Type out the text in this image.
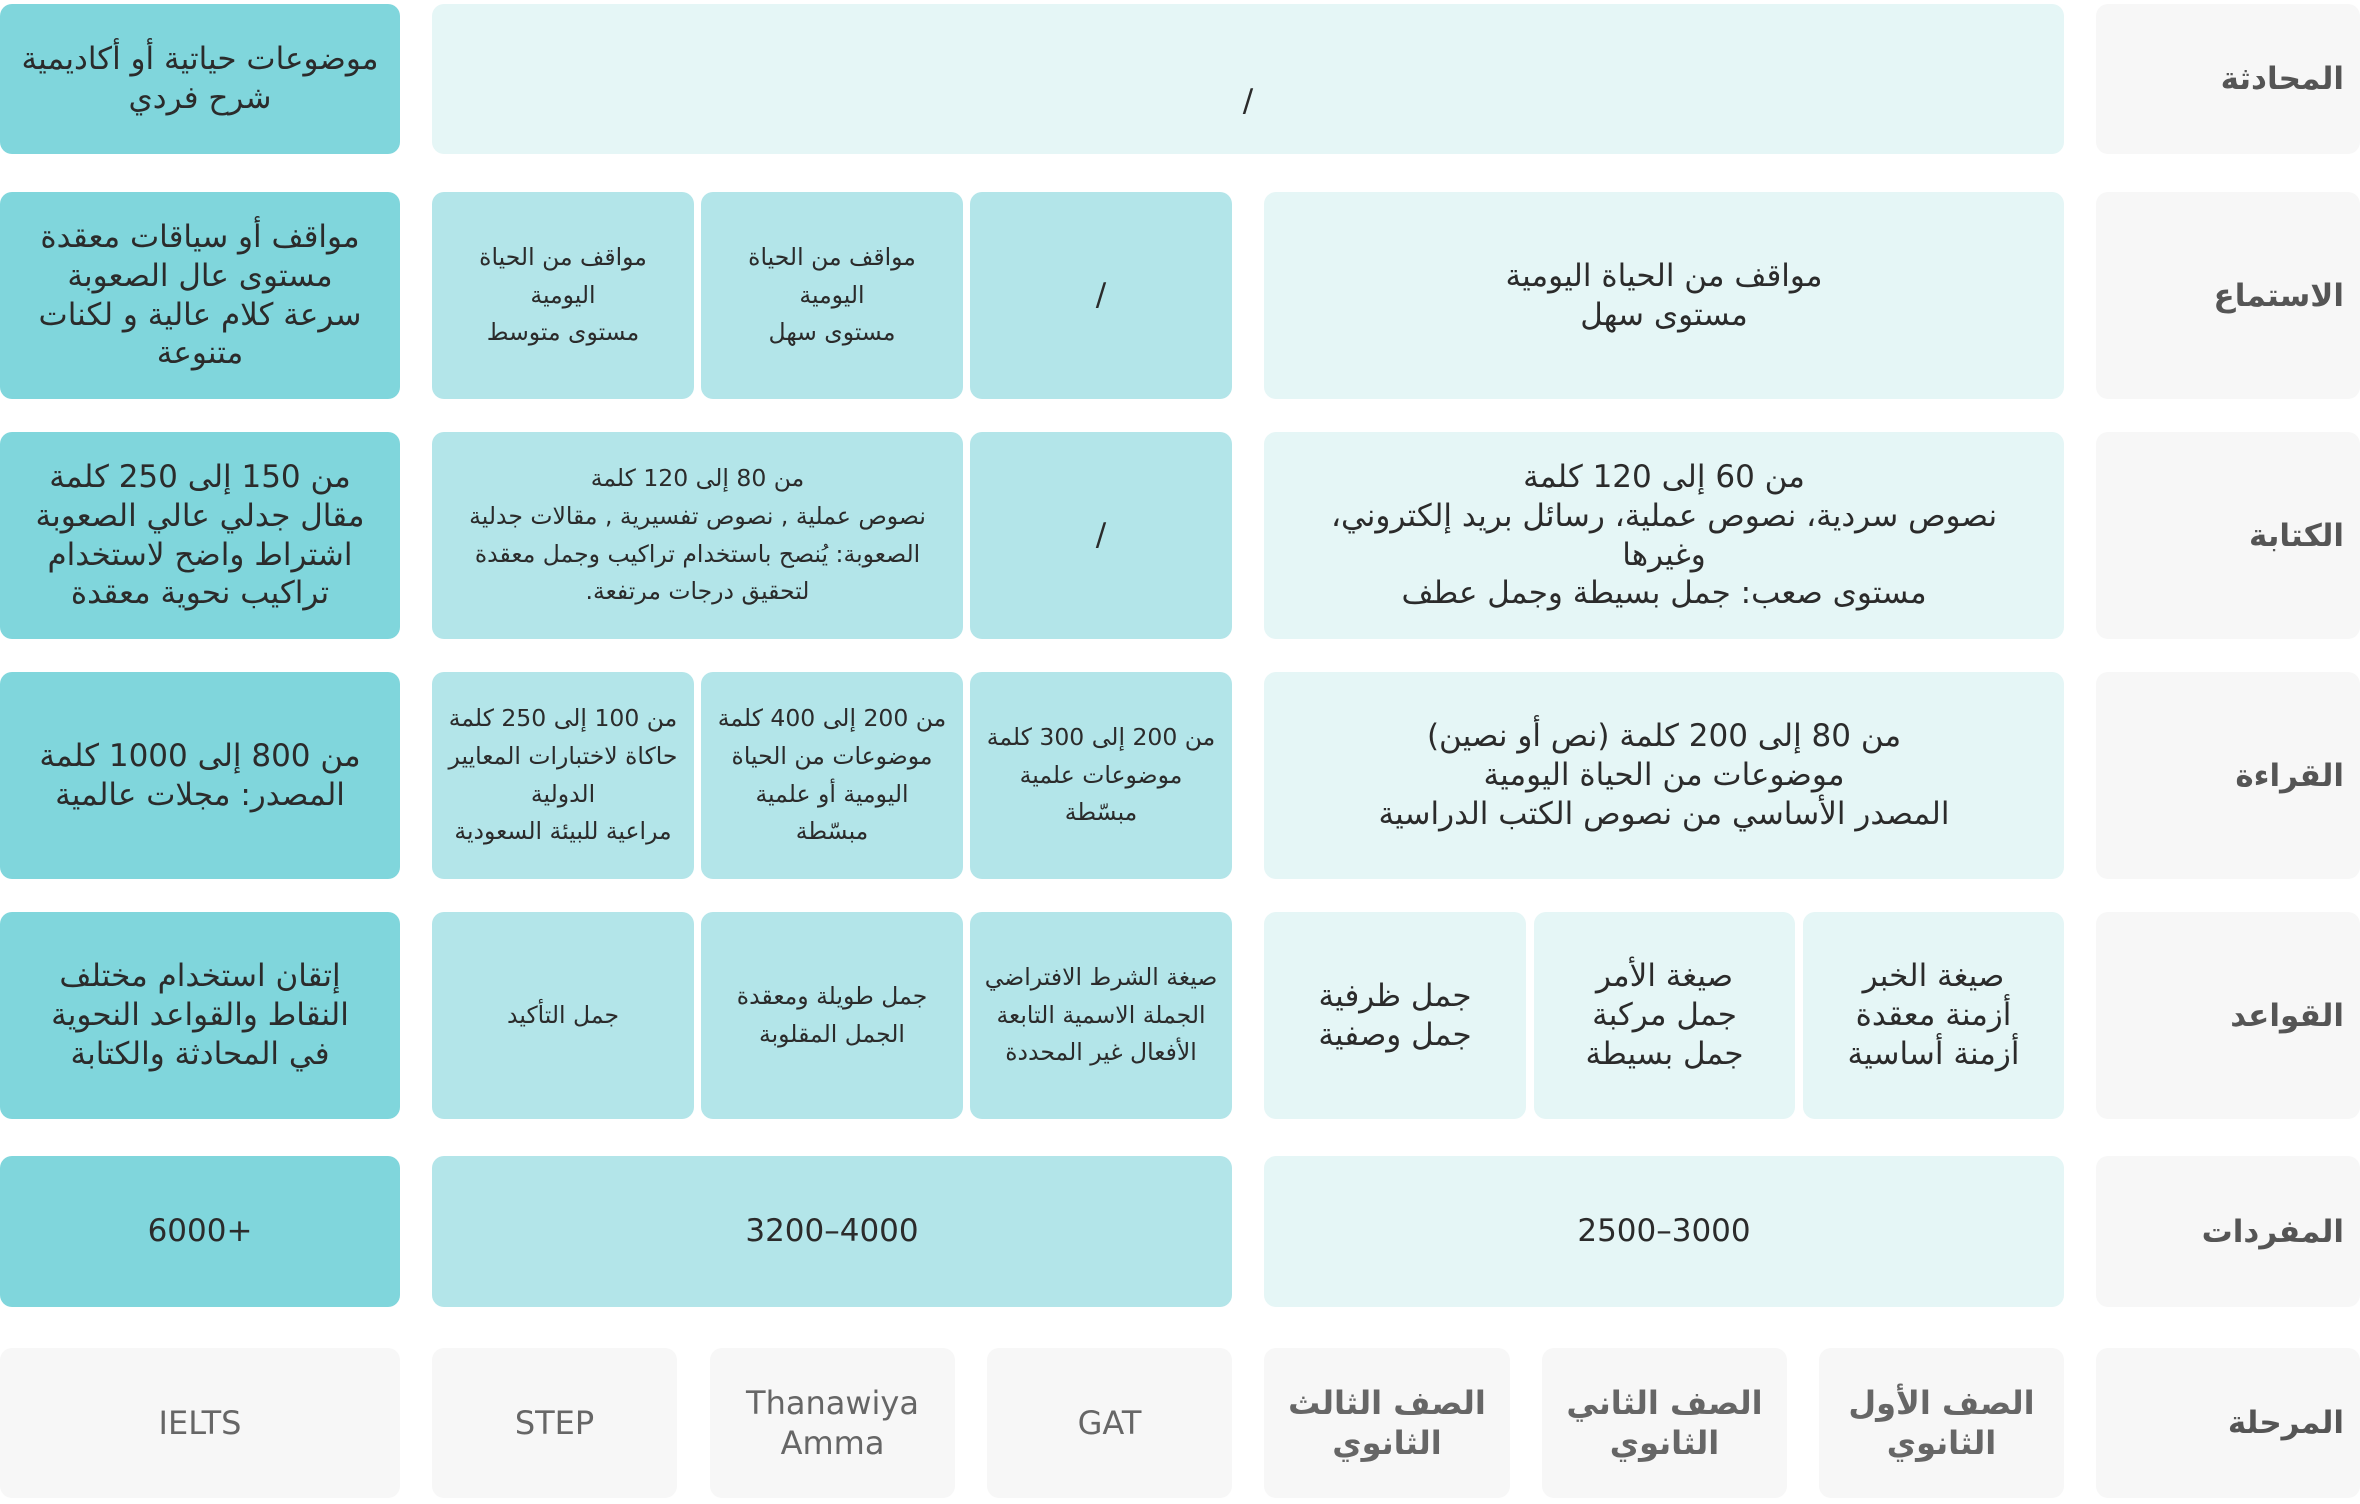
المحادثة
/
موضوعات حياتية أو أكاديمية
شرح فردي
الاستماع
مواقف من الحياة اليومية
مستوى سهل
/
مواقف من الحياة
اليومية
مستوى سهل
مواقف من الحياة
اليومية
مستوى متوسط
مواقف أو سياقات معقدة
مستوى عال الصعوبة
سرعة كلام عالية و لكنات
متنوعة
الكتابة
من 60 إلى 120 كلمة
نصوص سردية، نصوص عملية، رسائل بريد إلكتروني،
وغيرها
مستوى صعب: جمل بسيطة وجمل عطف
/
من 80 إلى 120 كلمة
نصوص عملية , نصوص تفسيرية , مقالات جدلية
الصعوبة: يُنصح باستخدام تراكيب وجمل معقدة
لتحقيق درجات مرتفعة.
من 150 إلى 250 كلمة
مقال جدلي عالي الصعوبة
اشتراط واضح لاستخدام
تراكيب نحوية معقدة
القراءة
من 80 إلى 200 كلمة (نص أو نصين)
موضوعات من الحياة اليومية
المصدر الأساسي من نصوص الكتب الدراسية
من 200 إلى 300 كلمة
موضوعات علمية
مبسّطة
من 200 إلى 400 كلمة
موضوعات من الحياة
اليومية أو علمية
مبسّطة
من 100 إلى 250 كلمة
حاكاة لاختبارات المعايير
الدولية
مراعية للبيئة السعودية
من 800 إلى 1000 كلمة
المصدر: مجلات عالمية
القواعد
صيغة الخبر
أزمنة معقدة
أزمنة أساسية
صيغة الأمر
جمل مركبة
جمل بسيطة
جمل ظرفية
جمل وصفية
صيغة الشرط الافتراضي
الجملة الاسمية التابعة
الأفعال غير المحددة
جمل طويلة ومعقدة
الجمل المقلوبة
جمل التأكيد
إتقان استخدام مختلف
النقاط والقواعد النحوية
في المحادثة والكتابة
المفردات
2500–3000
3200–4000
6000+
المرحلة
الصف الأول
الثانوي
الصف الثاني
الثانوي
الصف الثالث
الثانوي
GAT
Thanawiya
Amma
STEP
IELTS
